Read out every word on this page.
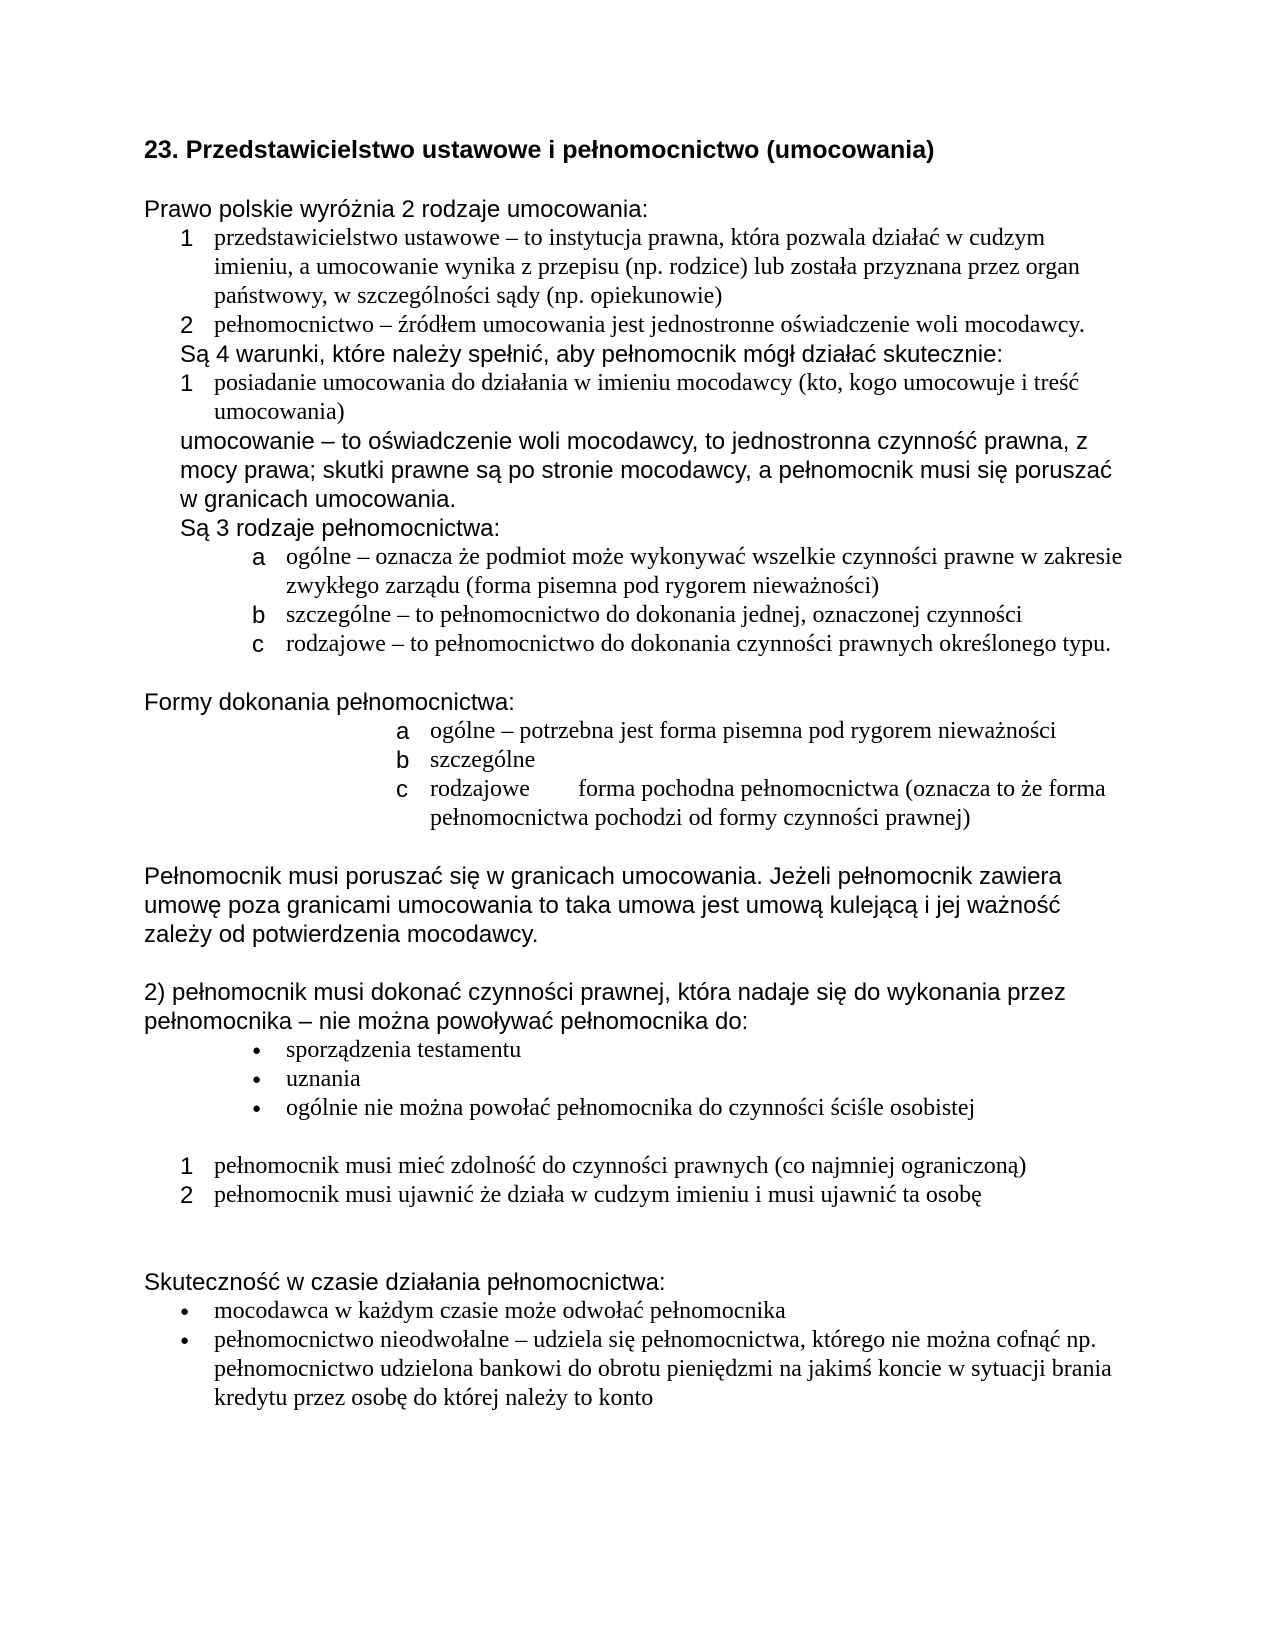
23. Przedstawicielstwo ustawowe i pełnomocnictwo (umocowania)

Prawo polskie wyróżnia 2 rodzaje umocowania:

1 przedstawicielstwo ustawowe – to instytucja prawna, która pozwala działać w cudzym imieniu, a umocowanie wynika z przepisu (np. rodzice) lub została przyznana przez organ państwowy, w szczególności sądy (np. opiekunowie)
2 pełnomocnictwo – źródłem umocowania jest jednostronne oświadczenie woli mocodawcy.

Są 4 warunki, które należy spełnić, aby pełnomocnik mógł działać skutecznie:

1 posiadanie umocowania do działania w imieniu mocodawcy (kto, kogo umocowuje i treść umocowania)

umocowanie – to oświadczenie woli mocodawcy, to jednostronna czynność prawna, z mocy prawa; skutki prawne są po stronie mocodawcy, a pełnomocnik musi się poruszać w granicach umocowania.

Są 3 rodzaje pełnomocnictwa:

a ogólne – oznacza że podmiot może wykonywać wszelkie czynności prawne w zakresie zwykłego zarządu (forma pisemna pod rygorem nieważności)
b szczególne – to pełnomocnictwo do dokonania jednej, oznaczonej czynności
c rodzajowe – to pełnomocnictwo do dokonania czynności prawnych określonego typu.

Formy dokonania pełnomocnictwa:

a ogólne – potrzebna jest forma pisemna pod rygorem nieważności
b szczególne
c rodzajowe        forma pochodna pełnomocnictwa (oznacza to że forma pełnomocnictwa pochodzi od formy czynności prawnej)

Pełnomocnik musi poruszać się w granicach umocowania. Jeżeli pełnomocnik zawiera umowę poza granicami umocowania to taka umowa jest umową kulejącą i jej ważność zależy od potwierdzenia mocodawcy.

2) pełnomocnik musi dokonać czynności prawnej, która nadaje się do wykonania przez pełnomocnika – nie można powoływać pełnomocnika do:

●	sporządzenia testamentu
●	uznania
●	ogólnie nie można powołać pełnomocnika do czynności ściśle osobistej
1 pełnomocnik musi mieć zdolność do czynności prawnych (co najmniej ograniczoną)
2 pełnomocnik musi ujawnić że działa w cudzym imieniu i musi ujawnić ta osobę

Skuteczność w czasie działania pełnomocnictwa:

●	mocodawca w każdym czasie może odwołać pełnomocnika
●	pełnomocnictwo nieodwołalne – udziela się pełnomocnictwa, którego nie można cofnąć np. pełnomocnictwo udzielona bankowi do obrotu pieniędzmi na jakimś koncie w sytuacji brania kredytu przez osobę do której należy to konto
